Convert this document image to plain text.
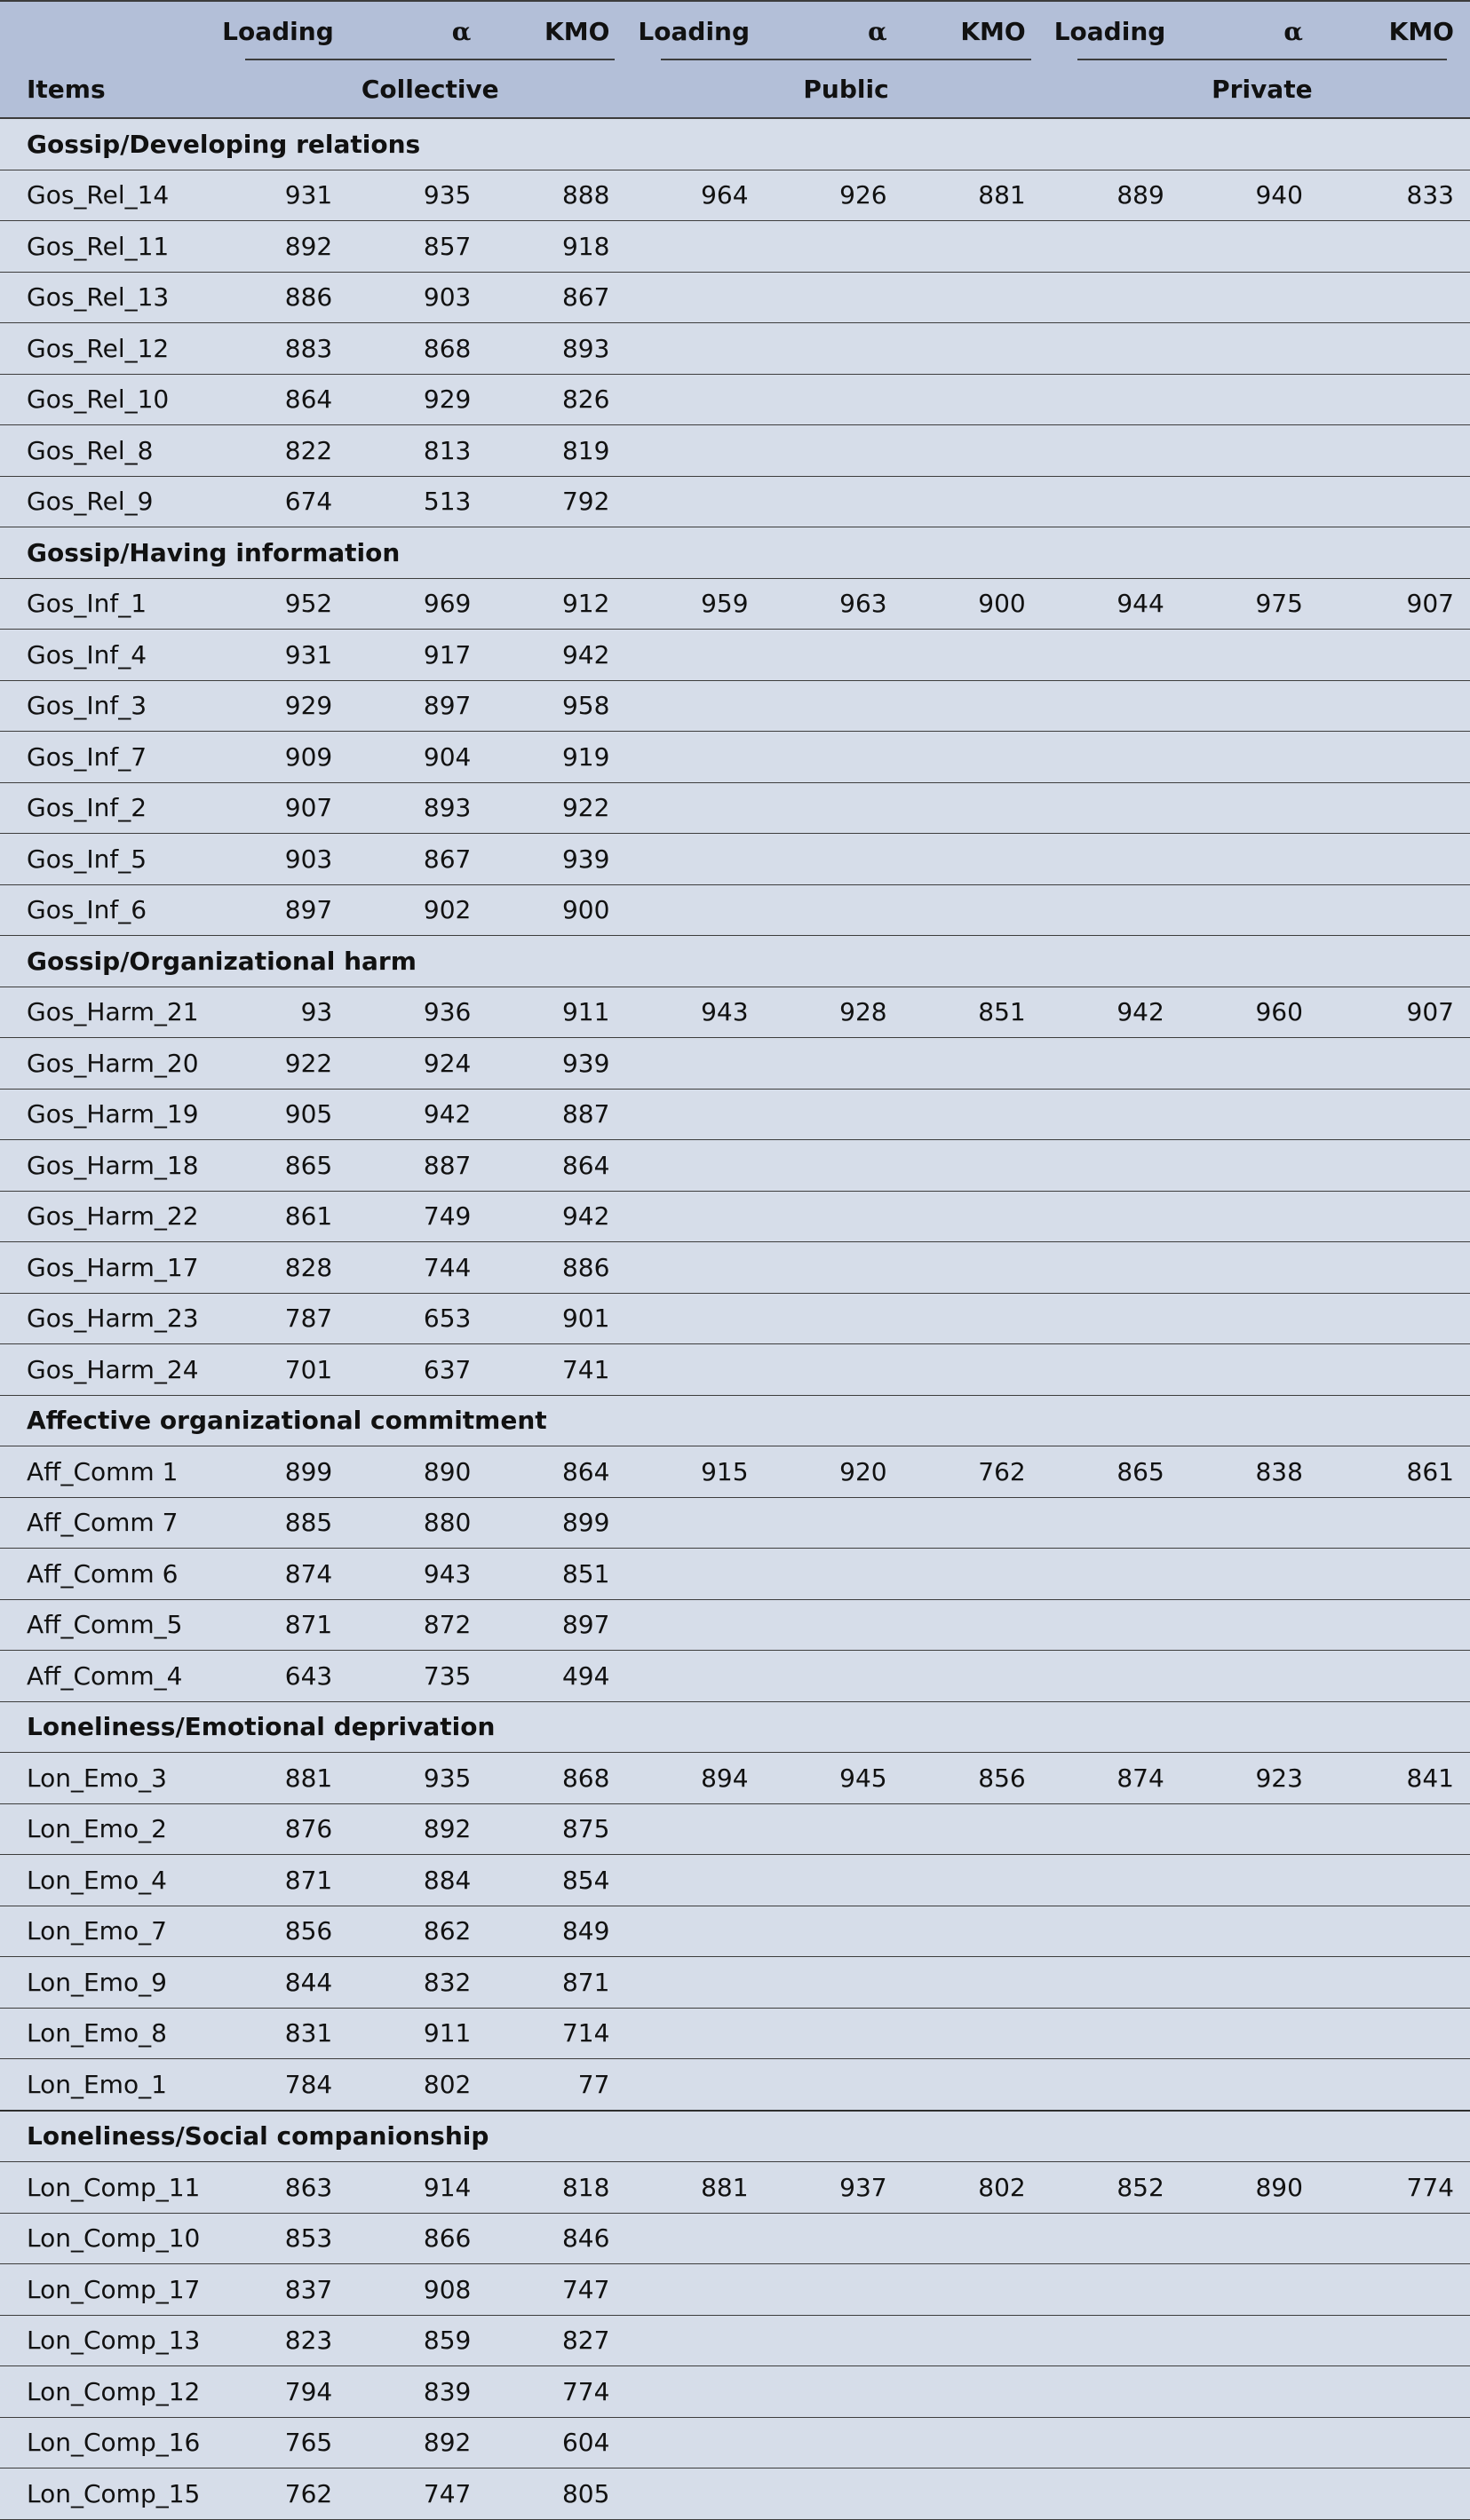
	Loading	α	KMO	Loading	α	KMO	Loading	α	KMO
Items	Collective			Public			Private		
Gossip/Developing relations									
Gos_Rel_14	931	935	888	964	926	881	889	940	833
Gos_Rel_11	892	857	918						
Gos_Rel_13	886	903	867						
Gos_Rel_12	883	868	893						
Gos_Rel_10	864	929	826						
Gos_Rel_8	822	813	819						
Gos_Rel_9	674	513	792						
Gossip/Having information									
Gos_Inf_1	952	969	912	959	963	900	944	975	907
Gos_Inf_4	931	917	942						
Gos_Inf_3	929	897	958						
Gos_Inf_7	909	904	919						
Gos_Inf_2	907	893	922						
Gos_Inf_5	903	867	939						
Gos_Inf_6	897	902	900						
Gossip/Organizational harm									
Gos_Harm_21	93	936	911	943	928	851	942	960	907
Gos_Harm_20	922	924	939						
Gos_Harm_19	905	942	887						
Gos_Harm_18	865	887	864						
Gos_Harm_22	861	749	942						
Gos_Harm_17	828	744	886						
Gos_Harm_23	787	653	901						
Gos_Harm_24	701	637	741						
Affective organizational commitment									
Aff_Comm 1	899	890	864	915	920	762	865	838	861
Aff_Comm 7	885	880	899						
Aff_Comm 6	874	943	851						
Aff_Comm_5	871	872	897						
Aff_Comm_4	643	735	494						
Loneliness/Emotional deprivation									
Lon_Emo_3	881	935	868	894	945	856	874	923	841
Lon_Emo_2	876	892	875						
Lon_Emo_4	871	884	854						
Lon_Emo_7	856	862	849						
Lon_Emo_9	844	832	871						
Lon_Emo_8	831	911	714						
Lon_Emo_1	784	802	77						
Loneliness/Social companionship									
Lon_Comp_11	863	914	818	881	937	802	852	890	774
Lon_Comp_10	853	866	846						
Lon_Comp_17	837	908	747						
Lon_Comp_13	823	859	827						
Lon_Comp_12	794	839	774						
Lon_Comp_16	765	892	604						
Lon_Comp_15	762	747	805						
